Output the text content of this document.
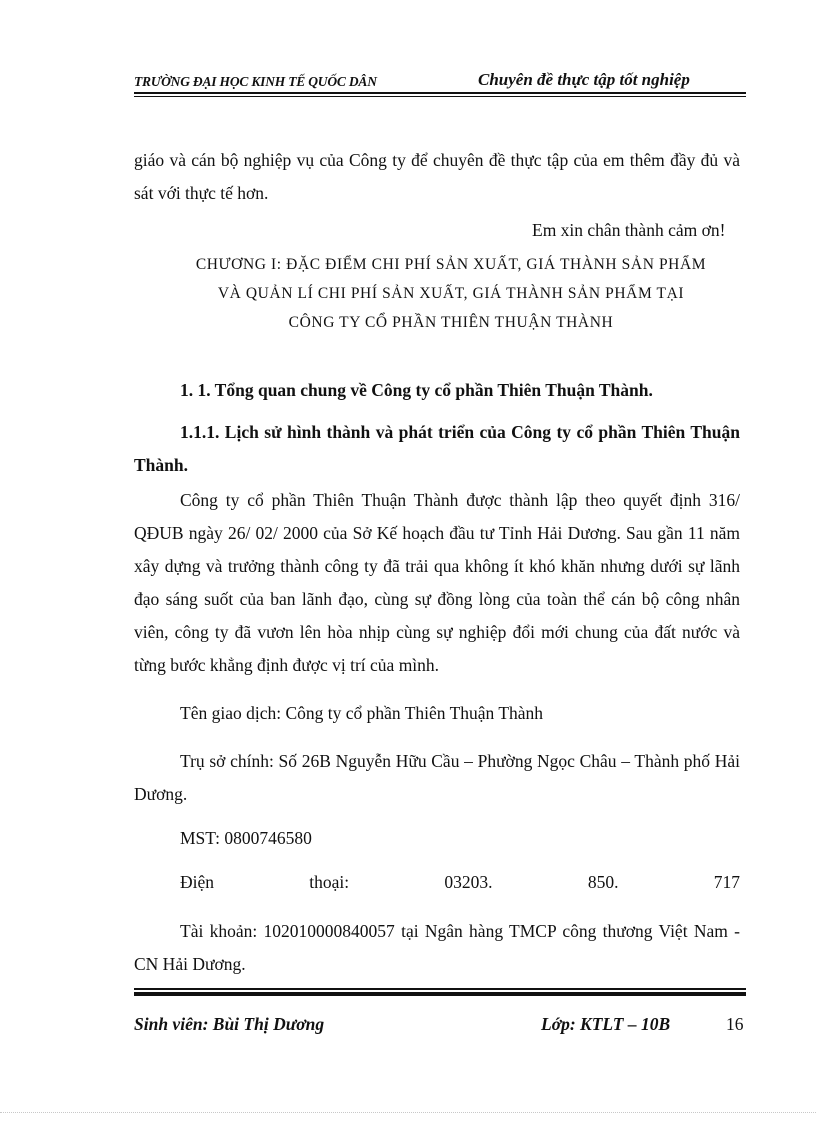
TRƯỜNG ĐẠI HỌC KINH TẾ QUỐC DÂN	Chuyên đề thực tập tốt nghiệp
giáo và cán bộ nghiệp vụ của Công ty để chuyên đề thực tập của em thêm đầy đủ và sát với thực tế hơn.
Em xin chân thành cảm ơn!
CHƯƠNG I: ĐẶC ĐIỂM CHI PHÍ SẢN XUẤT, GIÁ THÀNH SẢN PHẨM
VÀ QUẢN LÍ CHI PHÍ SẢN XUẤT, GIÁ THÀNH SẢN PHẨM TẠI
CÔNG TY CỔ PHẦN THIÊN THUẬN THÀNH
1. 1. Tổng quan chung về Công ty cổ phần Thiên Thuận Thành.
1.1.1. Lịch sử hình thành và phát triển của Công ty cổ phần Thiên Thuận Thành.
Công ty cổ phần Thiên Thuận Thành được thành lập theo quyết định 316/ QĐUB ngày 26/ 02/ 2000 của Sở Kế hoạch đầu tư Tỉnh Hải Dương. Sau gần 11 năm xây dựng và trưởng thành công ty đã trải qua không ít khó khăn nhưng dưới sự lãnh đạo sáng suốt của ban lãnh đạo, cùng sự đồng lòng của toàn thể cán bộ công nhân viên, công ty đã vươn lên hòa nhịp cùng sự nghiệp đổi mới chung của đất nước và từng bước khẳng định được vị trí của mình.
Tên giao dịch: Công ty cổ phần Thiên Thuận Thành
Trụ sở chính: Số 26B Nguyễn Hữu Cầu – Phường Ngọc Châu – Thành phố Hải Dương.
MST: 0800746580
Điện	thoại:	03203.	850.	717
Tài khoản: 102010000840057 tại Ngân hàng TMCP công thương Việt Nam - CN Hải Dương.
Sinh viên: Bùi Thị Dương	Lớp: KTLT – 10B	16
